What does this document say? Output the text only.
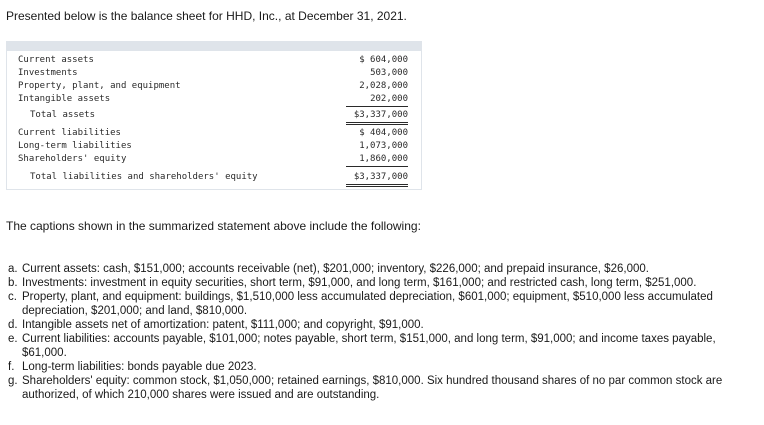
Presented below is the balance sheet for HHD, Inc., at December 31, 2021.
Current assets	$ 604,000
Investments	503,000
Property, plant, and equipment	2,028,000
Intangible assets	202,000
Total assets	$3,337,000
Current liabilities	$ 404,000
Long-term liabilities	1,073,000
Shareholders' equity	1,860,000
Total liabilities and shareholders' equity	$3,337,000
The captions shown in the summarized statement above include the following:
a. Current assets: cash, $151,000; accounts receivable (net), $201,000; inventory, $226,000; and prepaid insurance, $26,000.
b. Investments: investment in equity securities, short term, $91,000, and long term, $161,000; and restricted cash, long term, $251,000.
c. Property, plant, and equipment: buildings, $1,510,000 less accumulated depreciation, $601,000; equipment, $510,000 less accumulated depreciation, $201,000; and land, $810,000.
d. Intangible assets net of amortization: patent, $111,000; and copyright, $91,000.
e. Current liabilities: accounts payable, $101,000; notes payable, short term, $151,000, and long term, $91,000; and income taxes payable, $61,000.
f. Long-term liabilities: bonds payable due 2023.
g. Shareholders' equity: common stock, $1,050,000; retained earnings, $810,000. Six hundred thousand shares of no par common stock are authorized, of which 210,000 shares were issued and are outstanding.
